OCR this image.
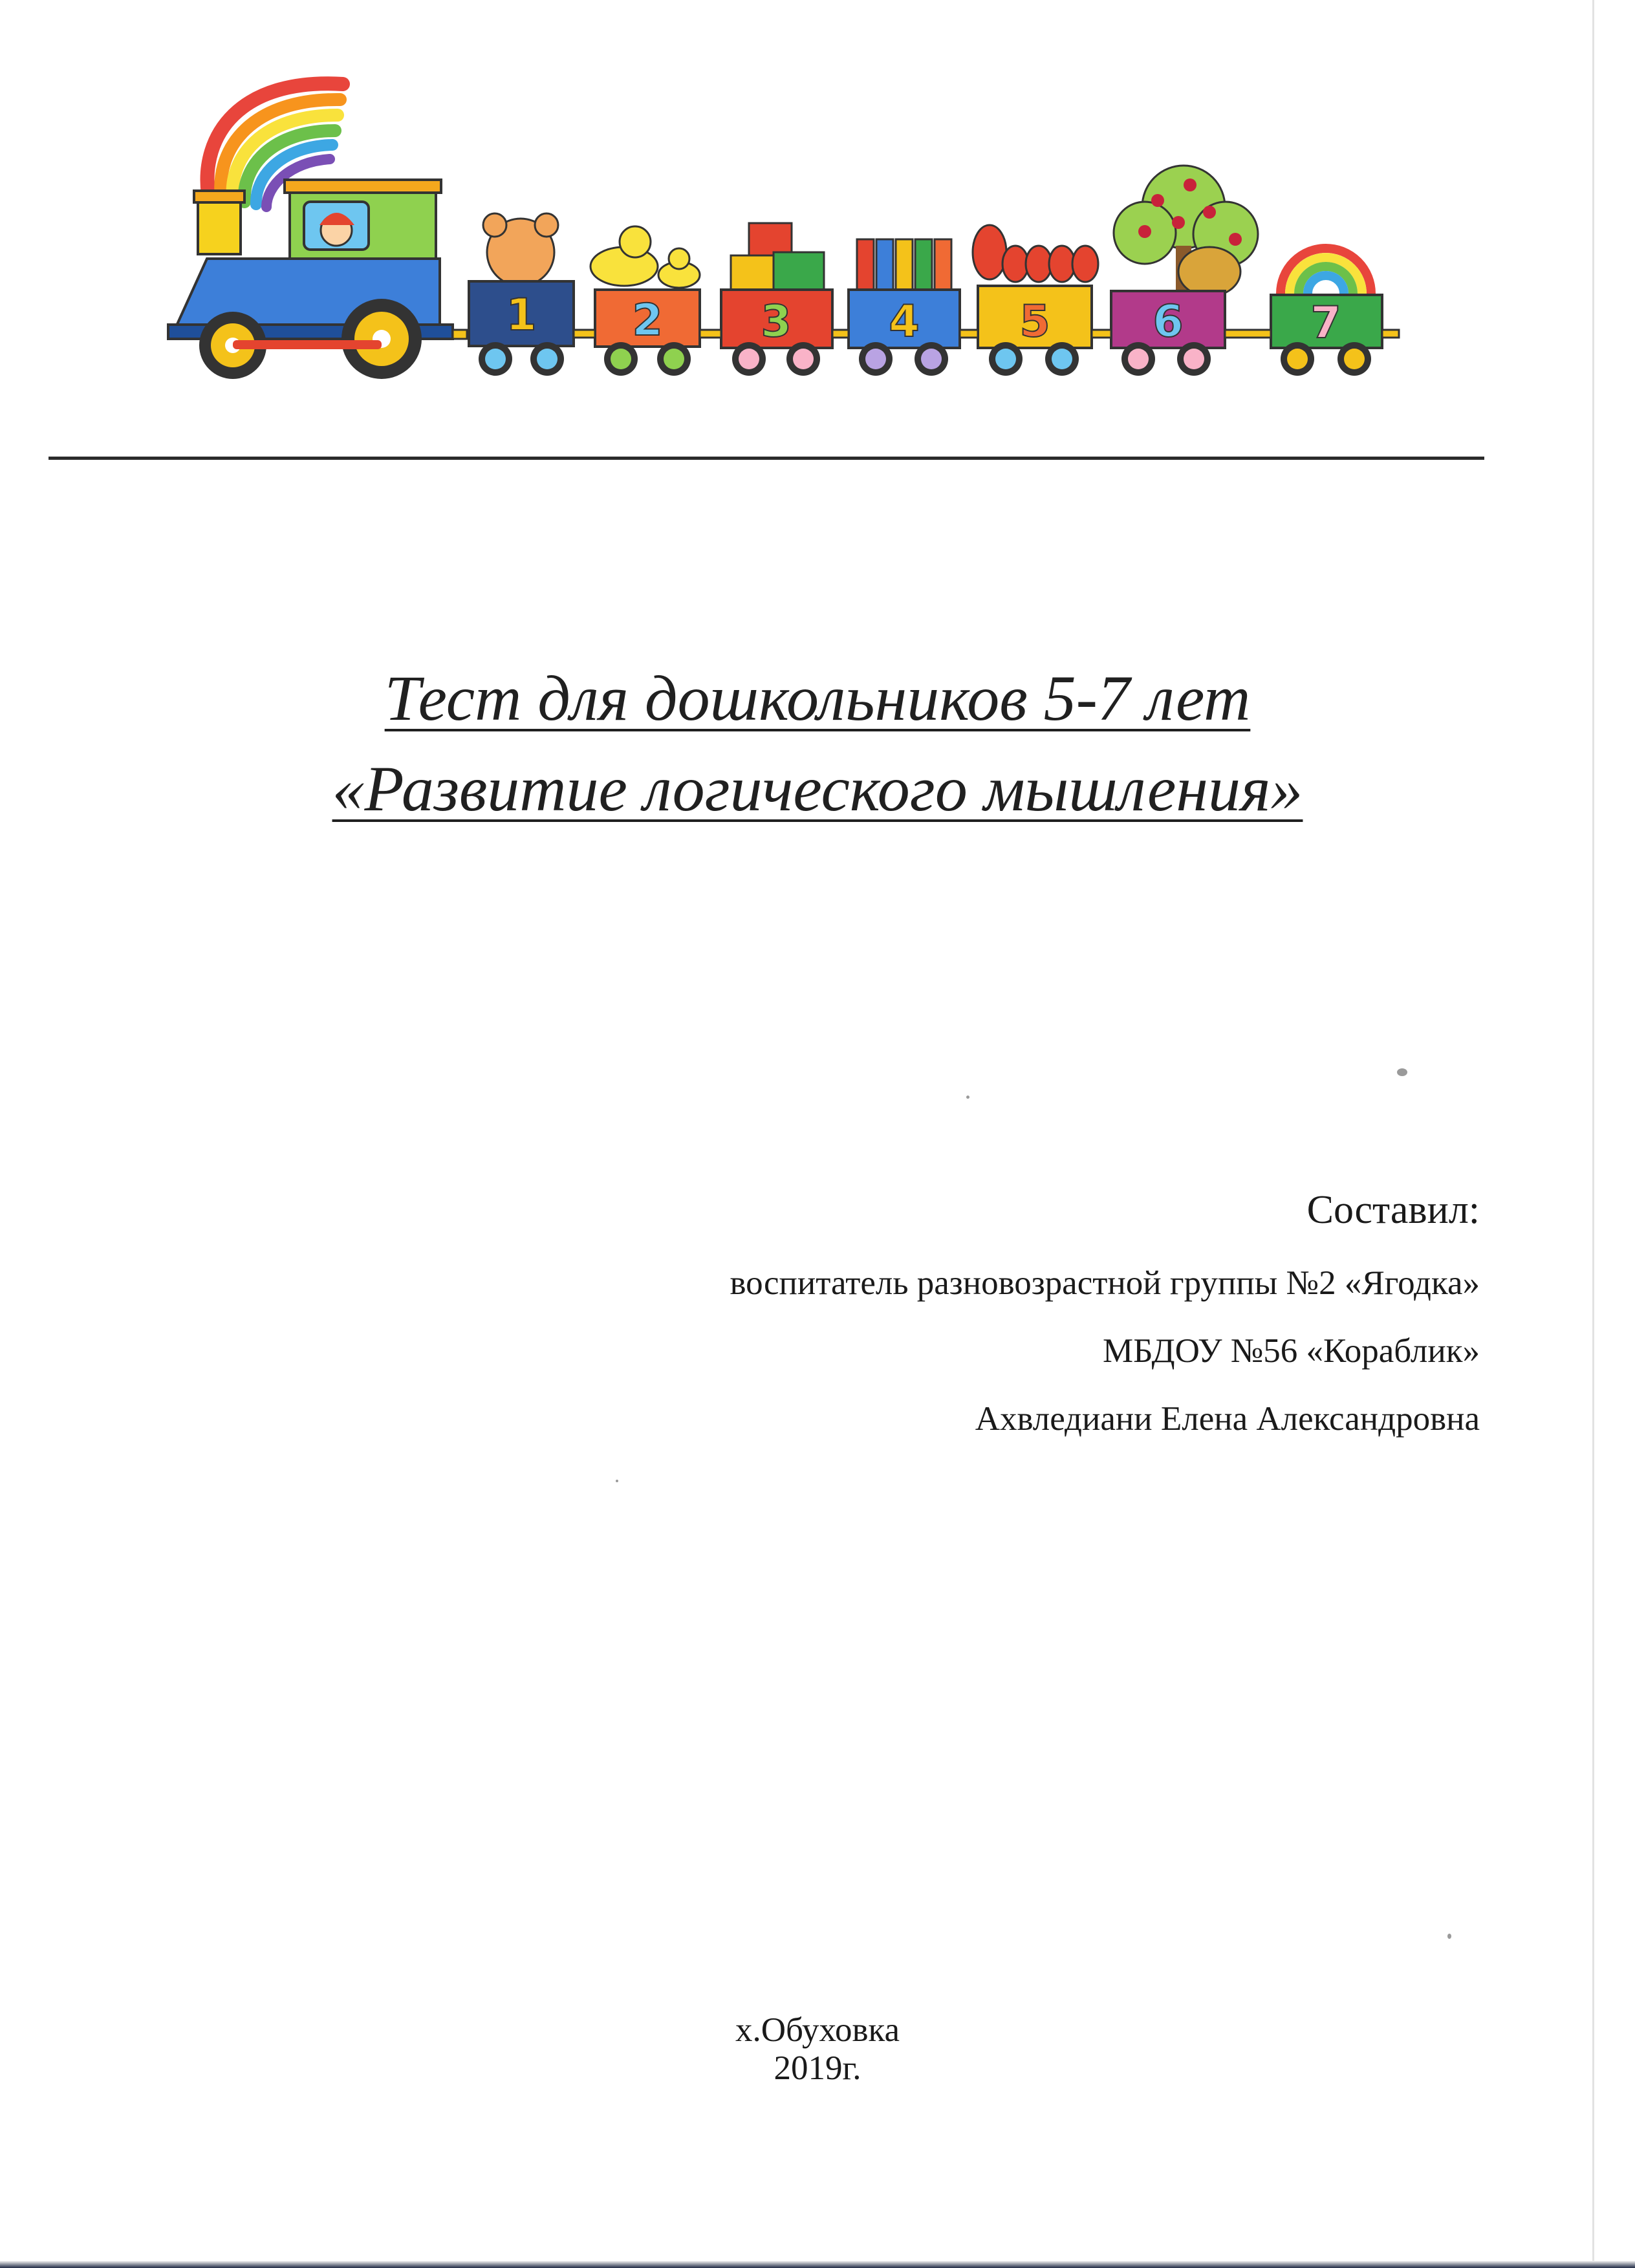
1 2 3 4 5 6	7
Тест для дошкольников 5-7 лет
«Развитие логического мышления»
Составил:
воспитатель разновозрастной группы №2 «Ягодка»
МБДОУ №56 «Кораблик»
Ахвледиани Елена Александровна
х.Обуховка
2019г.
